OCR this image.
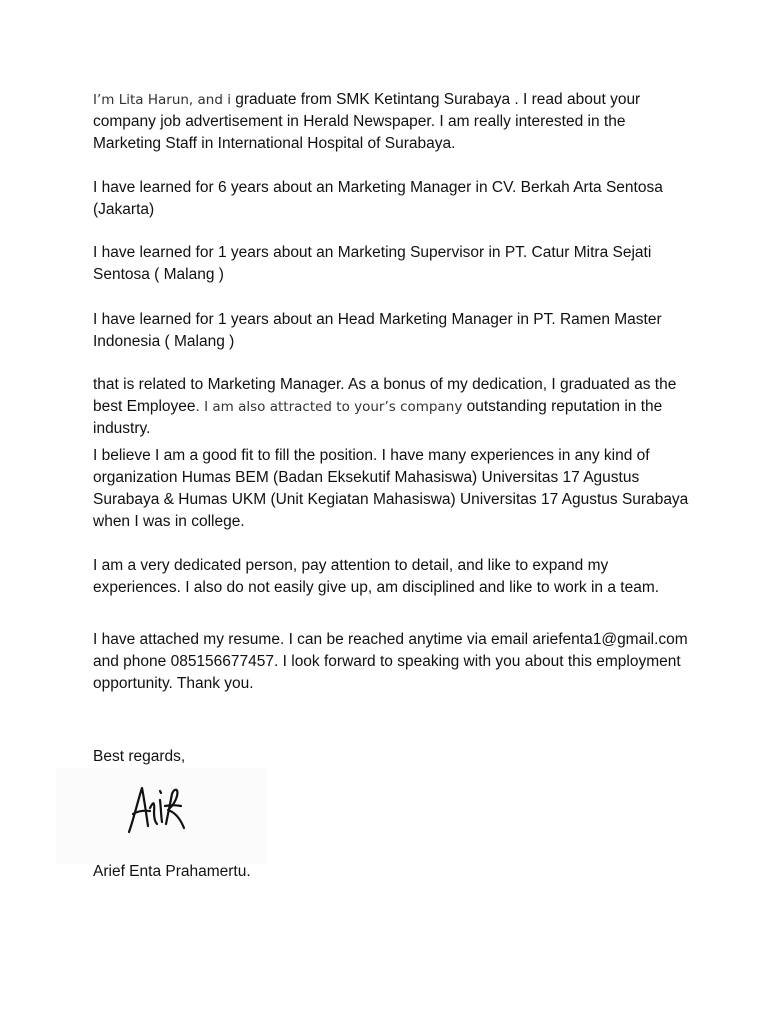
I’m Lita Harun, and i graduate from SMK Ketintang Surabaya . I read about your company job advertisement in Herald Newspaper. I am really interested in the Marketing Staff in International Hospital of Surabaya.

I have learned for 6 years about an Marketing Manager in CV. Berkah Arta Sentosa (Jakarta)

I have learned for 1 years about an Marketing Supervisor in PT. Catur Mitra Sejati Sentosa ( Malang )

I have learned for 1 years about an Head Marketing Manager in PT. Ramen Master Indonesia ( Malang )

that is related to Marketing Manager. As a bonus of my dedication, I graduated as the best Employee. I am also attracted to your’s company outstanding reputation in the industry.

I believe I am a good fit to fill the position. I have many experiences in any kind of organization Humas BEM (Badan Eksekutif Mahasiswa) Universitas 17 Agustus Surabaya & Humas UKM (Unit Kegiatan Mahasiswa) Universitas 17 Agustus Surabaya when I was in college.

I am a very dedicated person, pay attention to detail, and like to expand my experiences. I also do not easily give up, am disciplined and like to work in a team.

I have attached my resume. I can be reached anytime via email ariefenta1@gmail.com and phone 085156677457. I look forward to speaking with you about this employment opportunity. Thank you.

Best regards,

Arief Enta Prahamertu.
